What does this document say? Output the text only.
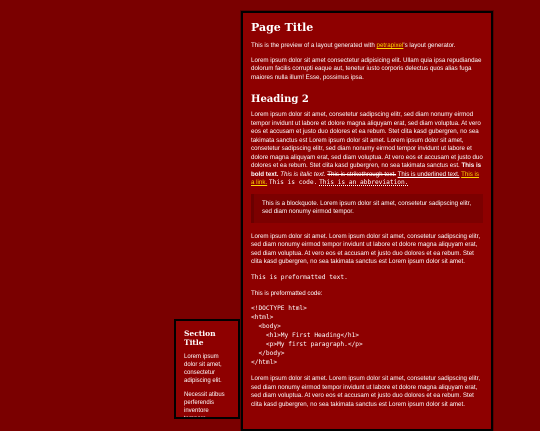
Page Title

This is the preview of a layout generated with petrapixel's layout generator.

Lorem ipsum dolor sit amet consectetur adipisicing elit. Ullam quia ipsa repudiandae dolorum facilis corrupti eaque aut, tenetur iusto corporis delectus quos alias fuga maiores nulla illum! Esse, possimus ipsa.

Heading 2

Lorem ipsum dolor sit amet, consetetur sadipscing elitr, sed diam nonumy eirmod tempor invidunt ut labore et dolore magna aliquyam erat, sed diam voluptua. At vero eos et accusam et justo duo dolores et ea rebum. Stet clita kasd gubergren, no sea takimata sanctus est Lorem ipsum dolor sit amet. Lorem ipsum dolor sit amet, consetetur sadipscing elitr, sed diam nonumy eirmod tempor invidunt ut labore et dolore magna aliquyam erat, sed diam voluptua. At vero eos et accusam et justo duo dolores et ea rebum. Stet clita kasd gubergren, no sea takimata sanctus est. This is bold text. This is italic text. This is strikethrough text. This is underlined text. This is a link. This is code. This is an abbreviation.

This is a blockquote. Lorem ipsum dolor sit amet, consetetur sadipscing elitr, sed diam nonumy eirmod tempor.

Lorem ipsum dolor sit amet. Lorem ipsum dolor sit amet, consetetur sadipscing elitr, sed diam nonumy eirmod tempor invidunt ut labore et dolore magna aliquyam erat, sed diam voluptua. At vero eos et accusam et justo duo dolores et ea rebum. Stet clita kasd gubergren, no sea takimata sanctus est Lorem ipsum dolor sit amet.

This is preformatted text.

This is preformatted code:

<!DOCTYPE html>
<html>
<body>
<h1>My First Heading</h1>
<p>My first paragraph.</p>
</body>
</html>

Lorem ipsum dolor sit amet. Lorem ipsum dolor sit amet, consetetur sadipscing elitr, sed diam nonumy eirmod tempor invidunt ut labore et dolore magna aliquyam erat, sed diam voluptua. At vero eos et accusam et justo duo dolores et ea rebum. Stet clita kasd gubergren, no sea takimata sanctus est Lorem ipsum dolor sit amet.

Section Title

Lorem ipsum dolor sit amet, consectetur adipiscing elit.

Necessit atibus perferendis inventore tempore
